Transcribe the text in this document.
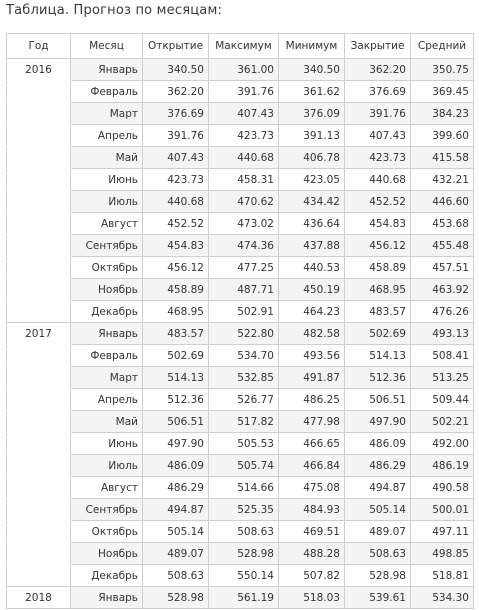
Таблица. Прогноз по месяцам:
Год	Месяц	Открытие	Максимум	Минимум	Закрытие	Средний
2016	Январь	340.50	361.00	340.50	362.20	350.75
	Февраль	362.20	391.76	361.62	376.69	369.45
	Март	376.69	407.43	376.09	391.76	384.23
	Апрель	391.76	423.73	391.13	407.43	399.60
	Май	407.43	440.68	406.78	423.73	415.58
	Июнь	423.73	458.31	423.05	440.68	432.21
	Июль	440.68	470.62	434.42	452.52	446.60
	Август	452.52	473.02	436.64	454.83	453.68
	Сентябрь	454.83	474.36	437.88	456.12	455.48
	Октябрь	456.12	477.25	440.53	458.89	457.51
	Ноябрь	458.89	487.71	450.19	468.95	463.92
	Декабрь	468.95	502.91	464.23	483.57	476.26
2017	Январь	483.57	522.80	482.58	502.69	493.13
	Февраль	502.69	534.70	493.56	514.13	508.41
	Март	514.13	532.85	491.87	512.36	513.25
	Апрель	512.36	526.77	486.25	506.51	509.44
	Май	506.51	517.82	477.98	497.90	502.21
	Июнь	497.90	505.53	466.65	486.09	492.00
	Июль	486.09	505.74	466.84	486.29	486.19
	Август	486.29	514.66	475.08	494.87	490.58
	Сентябрь	494.87	525.35	484.93	505.14	500.01
	Октябрь	505.14	508.63	469.51	489.07	497.11
	Ноябрь	489.07	528.98	488.28	508.63	498.85
	Декабрь	508.63	550.14	507.82	528.98	518.81
2018	Январь	528.98	561.19	518.03	539.61	534.30
